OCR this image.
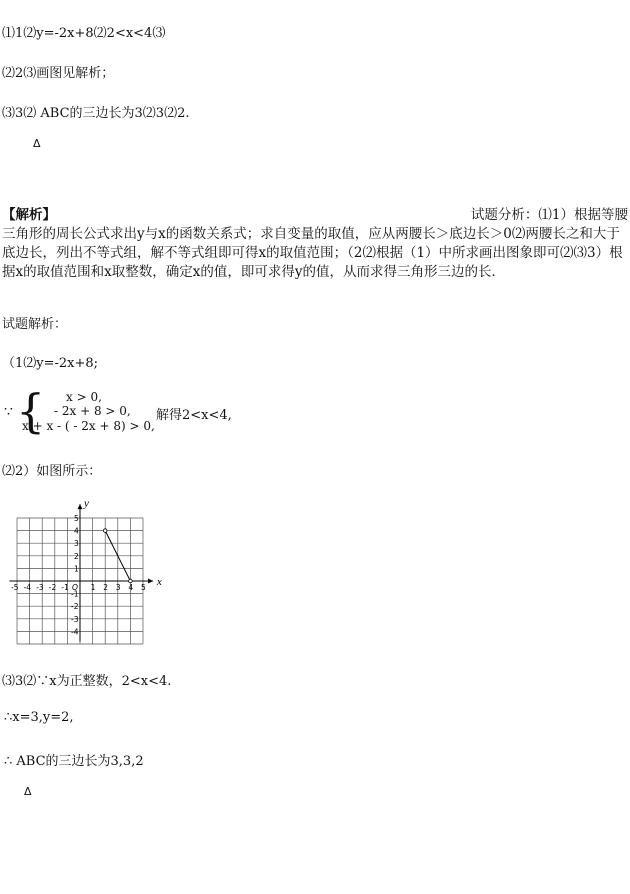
⑴1⑵y=-2x+8⑵2<x<4⑶
⑵2⑶画图见解析；
⑶3⑵ ABC的三边长为3⑵3⑵2.
Δ
【解析】	试题分析：⑴1）根据等腰
三角形的周长公式求出y与x的函数关系式；求自变量的取值，应从两腰长＞底边长＞0⑵两腰长之和大于底边长，列出不等式组，解不等式组即可得x的取值范围；（2⑵根据（1）中所求画出图象即可⑵⑶3）根据x的取值范围和x取整数，确定x的值，即可求得y的值，从而求得三角形三边的长．
试题解析：
（1⑵y=-2x+8;
∵ { x > 0,
- 2x + 8 > 0,
x + x - ( - 2x + 8) > 0,
解得2<x<4,
⑵2）如图所示：
x
y
-5 -4 -3 -2 -1 O 1 2 3 4 5
5
4
3
2
1
-1
-2
-3
-4
⑶3⑵∵x为正整数，2<x<4.
∴x=3,y=2,
∴ ABC的三边长为3,3,2
Δ
